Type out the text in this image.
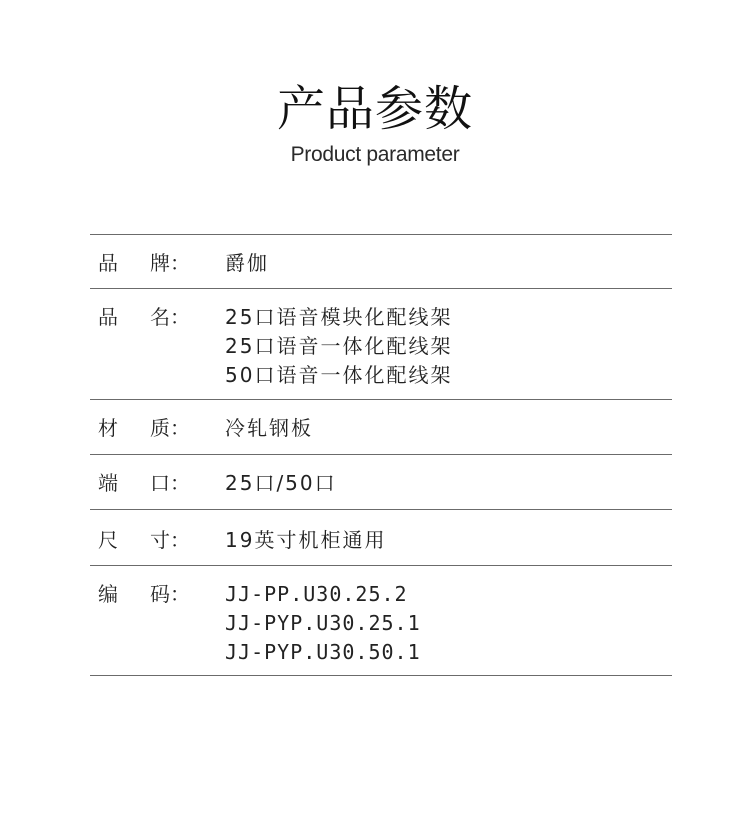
产品参数
Product parameter
品 牌： 爵伽
品 名： 25口语音模块化配线架
25口语音一体化配线架
50口语音一体化配线架
材 质： 冷轧钢板
端 口： 25口/50口
尺 寸： 19英寸机柜通用
编 码： JJ-PP.U30.25.2
JJ-PYP.U30.25.1
JJ-PYP.U30.50.1
